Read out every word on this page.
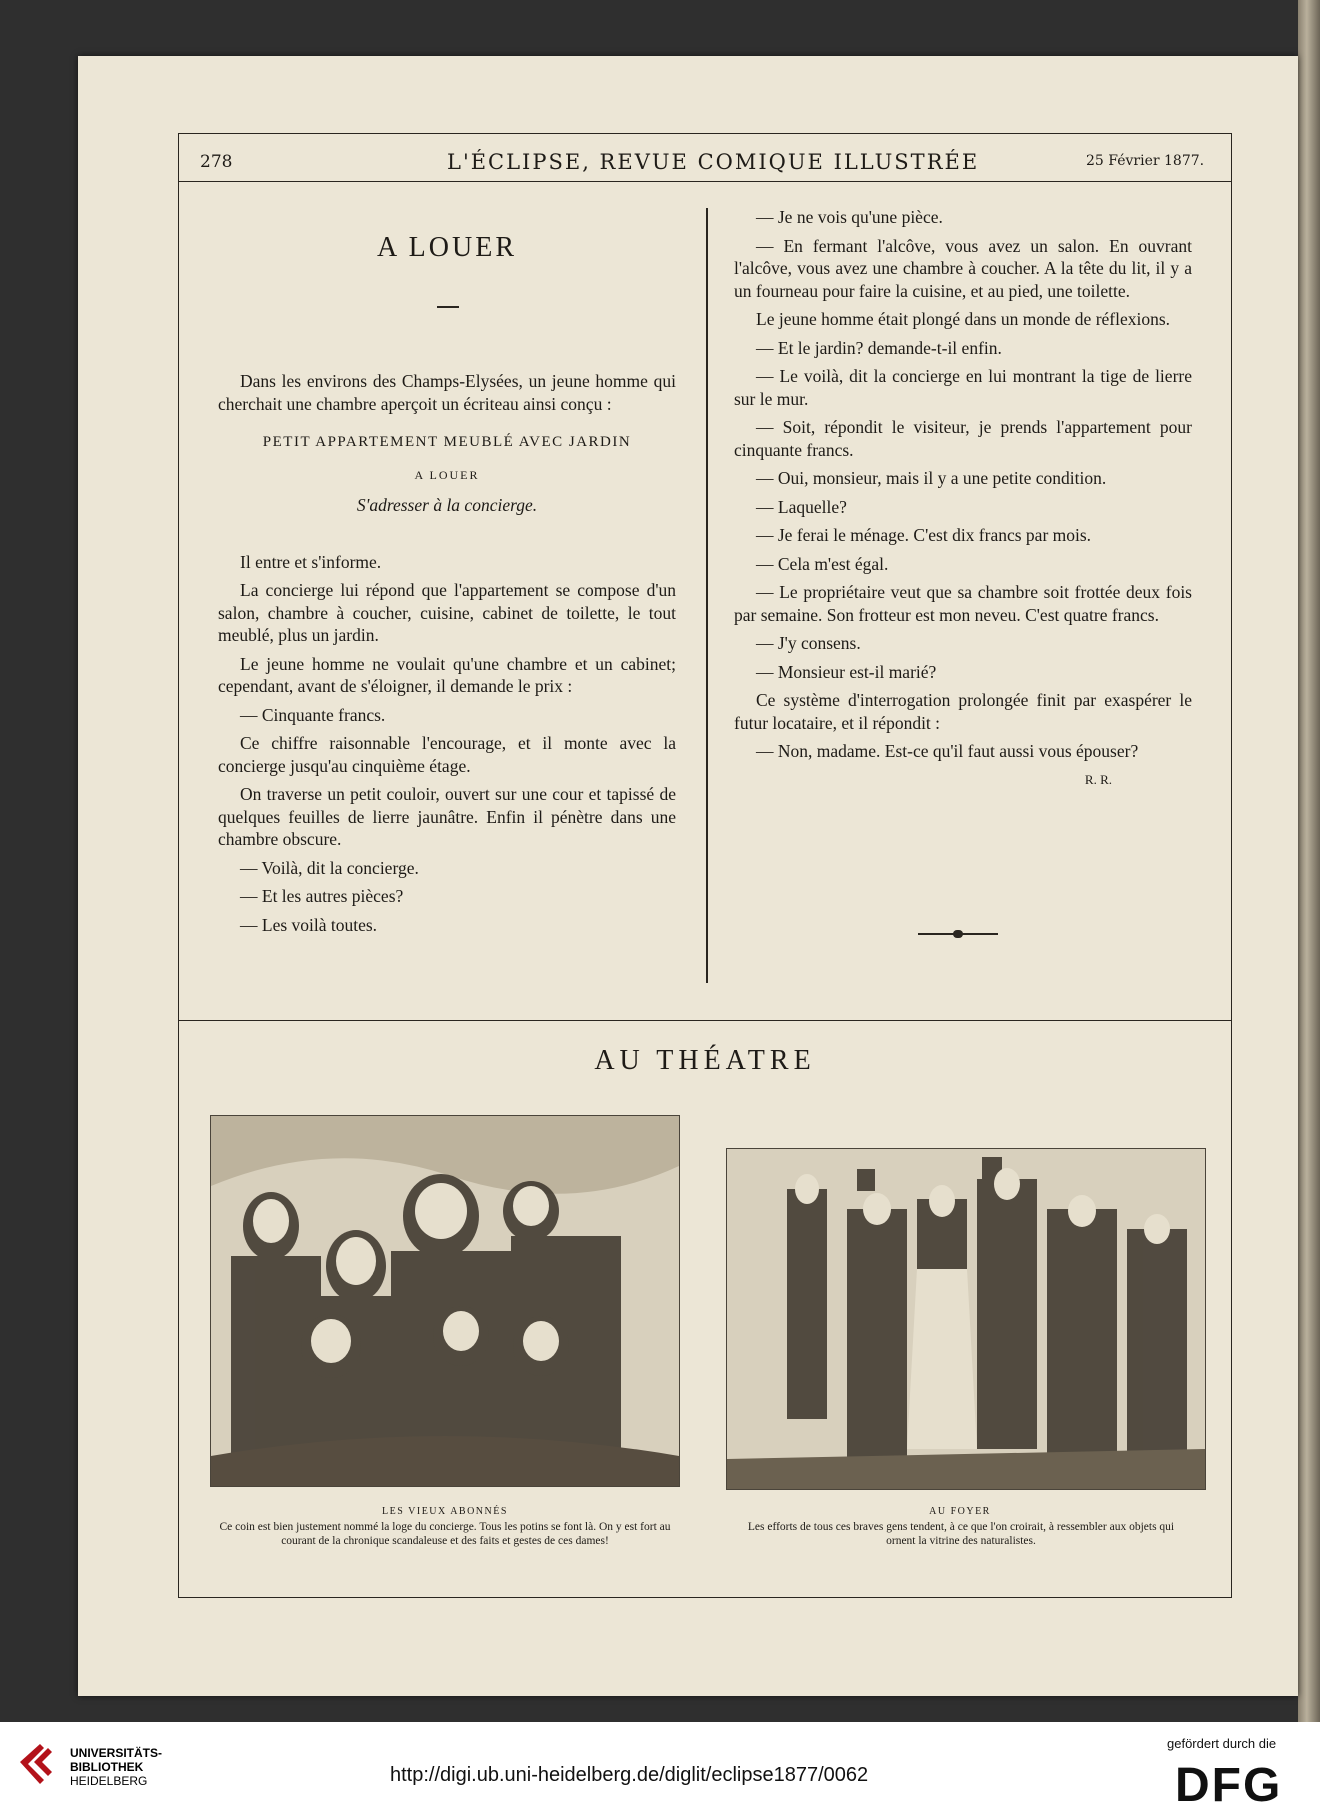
278	L'ÉCLIPSE, REVUE COMIQUE ILLUSTRÉE	25 Février 1877.
A LOUER

Dans les environs des Champs-Elysées, un jeune homme qui cherchait une chambre aperçoit un écriteau ainsi conçu :

PETIT APPARTEMENT MEUBLÉ AVEC JARDIN

A LOUER

S'adresser à la concierge.

Il entre et s'informe.

La concierge lui répond que l'appartement se compose d'un salon, chambre à coucher, cuisine, cabinet de toilette, le tout meublé, plus un jardin.

Le jeune homme ne voulait qu'une chambre et un cabinet; cependant, avant de s'éloigner, il demande le prix :

— Cinquante francs.

Ce chiffre raisonnable l'encourage, et il monte avec la concierge jusqu'au cinquième étage.

On traverse un petit couloir, ouvert sur une cour et tapissé de quelques feuilles de lierre jaunâtre. Enfin il pénètre dans une chambre obscure.

— Voilà, dit la concierge.

— Et les autres pièces?

— Les voilà toutes.

— Je ne vois qu'une pièce.

— En fermant l'alcôve, vous avez un salon. En ouvrant l'alcôve, vous avez une chambre à coucher. A la tête du lit, il y a un fourneau pour faire la cuisine, et au pied, une toilette.

Le jeune homme était plongé dans un monde de réflexions.

— Et le jardin? demande-t-il enfin.

— Le voilà, dit la concierge en lui montrant la tige de lierre sur le mur.

— Soit, répondit le visiteur, je prends l'appartement pour cinquante francs.

— Oui, monsieur, mais il y a une petite condition.

— Laquelle?

— Je ferai le ménage. C'est dix francs par mois.

— Cela m'est égal.

— Le propriétaire veut que sa chambre soit frottée deux fois par semaine. Son frotteur est mon neveu. C'est quatre francs.

— J'y consens.

— Monsieur est-il marié?

Ce système d'interrogation prolongée finit par exaspérer le futur locataire, et il répondit :

— Non, madame. Est-ce qu'il faut aussi vous épouser?

R. R.

AU THÉATRE
LES VIEUX ABONNÉS
Ce coin est bien justement nommé la loge du concierge. Tous les potins se font là. On y est fort au courant de la chronique scandaleuse et des faits et gestes de ces dames!
AU FOYER
Les efforts de tous ces braves gens tendent, à ce que l'on croirait, à ressembler aux objets qui ornent la vitrine des naturalistes.
UNIVERSITÄTS-
BIBLIOTHEK
HEIDELBERG	http://digi.ub.uni-heidelberg.de/diglit/eclipse1877/0062
gefördert durch die
DFG
